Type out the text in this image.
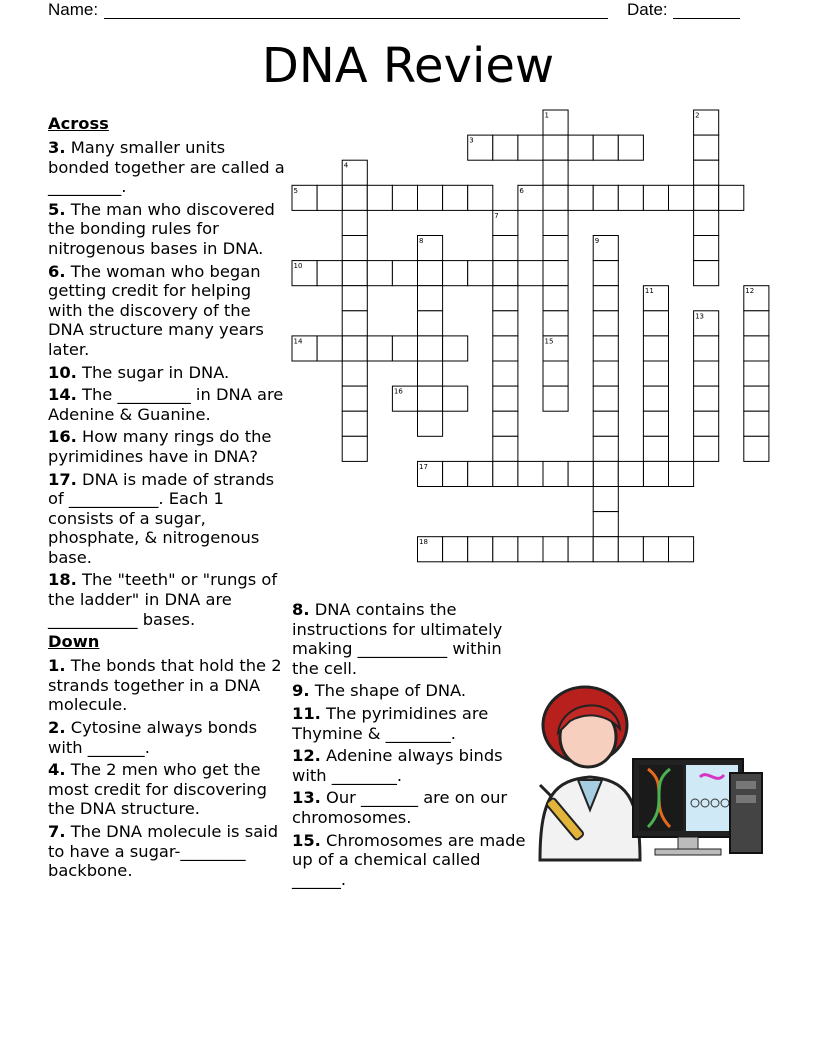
Name:	Date:
DNA Review
1	2
3
4
5	6
7
8	9
10
11	12
13
14	15
16
17
18
Across
3. Many smaller units bonded together are called a _________.
5. The man who discovered the bonding rules for nitrogenous bases in DNA.
6. The woman who began getting credit for helping with the discovery of the DNA structure many years later.
10. The sugar in DNA.
14. The _________ in DNA are Adenine & Guanine.
16. How many rings do the pyrimidines have in DNA?
17. DNA is made of strands of ___________. Each 1 consists of a sugar, phosphate, & nitrogenous base.
18. The "teeth" or "rungs of the ladder" in DNA are ___________ bases.
Down
1. The bonds that hold the 2 strands together in a DNA molecule.
2. Cytosine always bonds with _______.
4. The 2 men who get the most credit for discovering the DNA structure.
7. The DNA molecule is said to have a sugar-________ backbone.
8. DNA contains the instructions for ultimately making ___________ within the cell.
9. The shape of DNA.
11. The pyrimidines are Thymine & ________.
12. Adenine always binds with ________.
13. Our _______ are on our chromosomes.
15. Chromosomes are made up of a chemical called ______.
